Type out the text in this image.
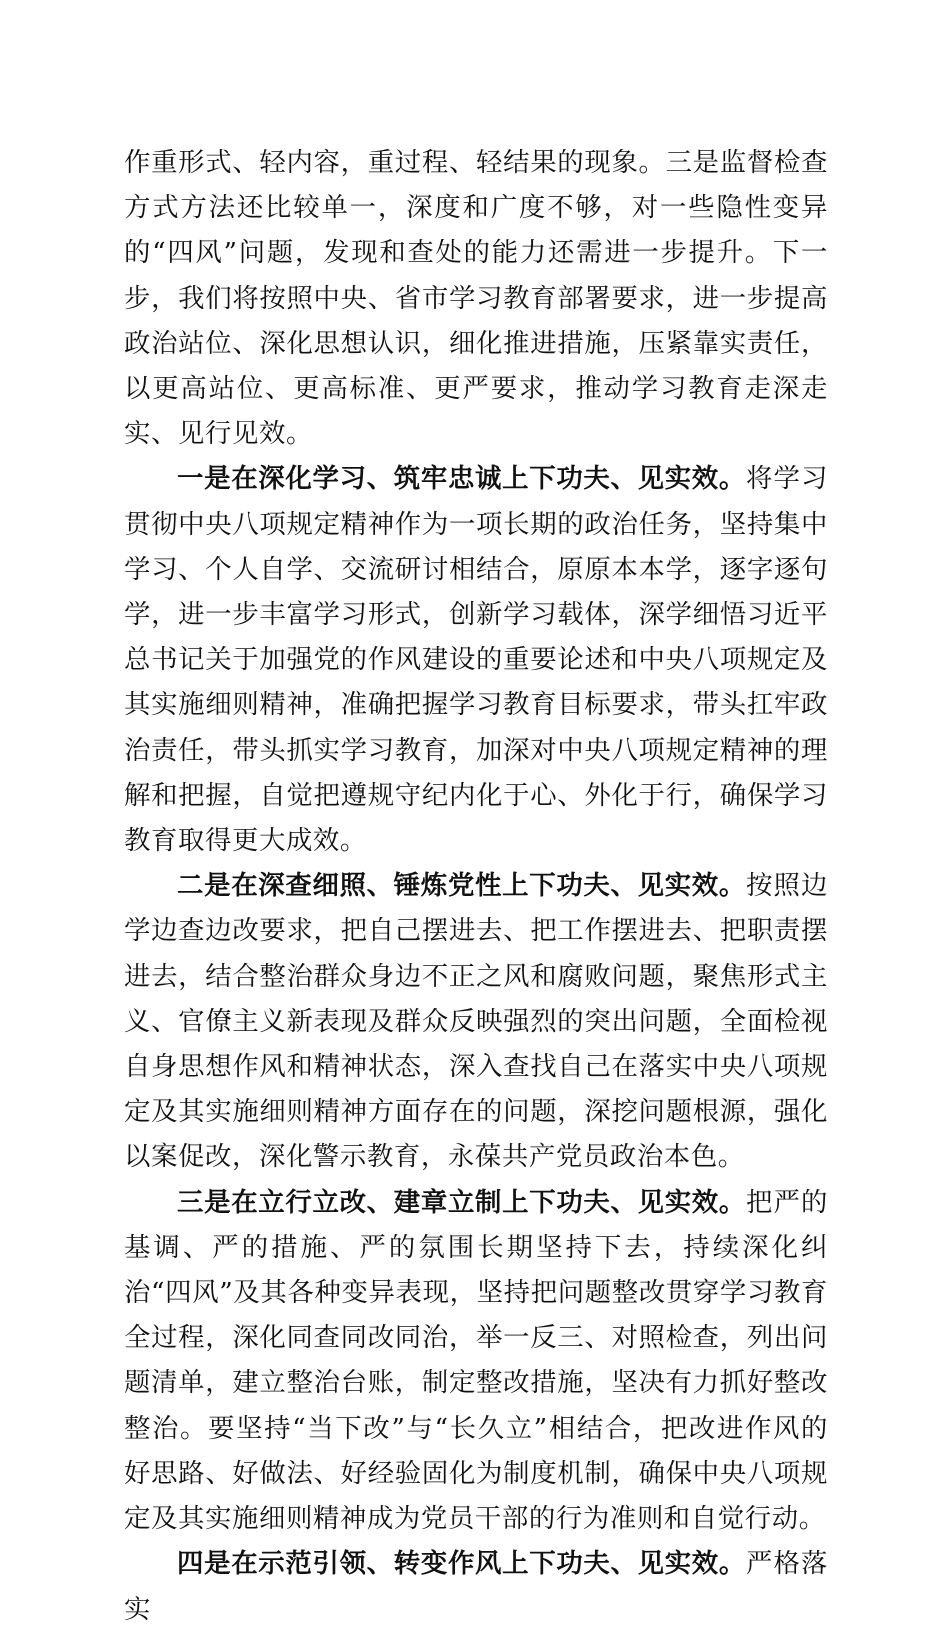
作重形式、轻内容，重过程、轻结果的现象。三是监督检查方式方法还比较单一，深度和广度不够，对一些隐性变异的“四风”问题，发现和查处的能力还需进一步提升。下一步，我们将按照中央、省市学习教育部署要求，进一步提高政治站位、深化思想认识，细化推进措施，压紧靠实责任，以更高站位、更高标准、更严要求，推动学习教育走深走实、见行见效。

一是在深化学习、筑牢忠诚上下功夫、见实效。将学习贯彻中央八项规定精神作为一项长期的政治任务，坚持集中学习、个人自学、交流研讨相结合，原原本本学，逐字逐句学，进一步丰富学习形式，创新学习载体，深学细悟习近平总书记关于加强党的作风建设的重要论述和中央八项规定及其实施细则精神，准确把握学习教育目标要求，带头扛牢政治责任，带头抓实学习教育，加深对中央八项规定精神的理解和把握，自觉把遵规守纪内化于心、外化于行，确保学习教育取得更大成效。

二是在深查细照、锤炼党性上下功夫、见实效。按照边学边查边改要求，把自己摆进去、把工作摆进去、把职责摆进去，结合整治群众身边不正之风和腐败问题，聚焦形式主义、官僚主义新表现及群众反映强烈的突出问题，全面检视自身思想作风和精神状态，深入查找自己在落实中央八项规定及其实施细则精神方面存在的问题，深挖问题根源，强化以案促改，深化警示教育，永葆共产党员政治本色。

三是在立行立改、建章立制上下功夫、见实效。把严的基调、严的措施、严的氛围长期坚持下去，持续深化纠治“四风”及其各种变异表现，坚持把问题整改贯穿学习教育全过程，深化同查同改同治，举一反三、对照检查，列出问题清单，建立整治台账，制定整改措施，坚决有力抓好整改整治。要坚持“当下改”与“长久立”相结合，把改进作风的好思路、好做法、好经验固化为制度机制，确保中央八项规定及其实施细则精神成为党员干部的行为准则和自觉行动。

四是在示范引领、转变作风上下功夫、见实效。严格落实
